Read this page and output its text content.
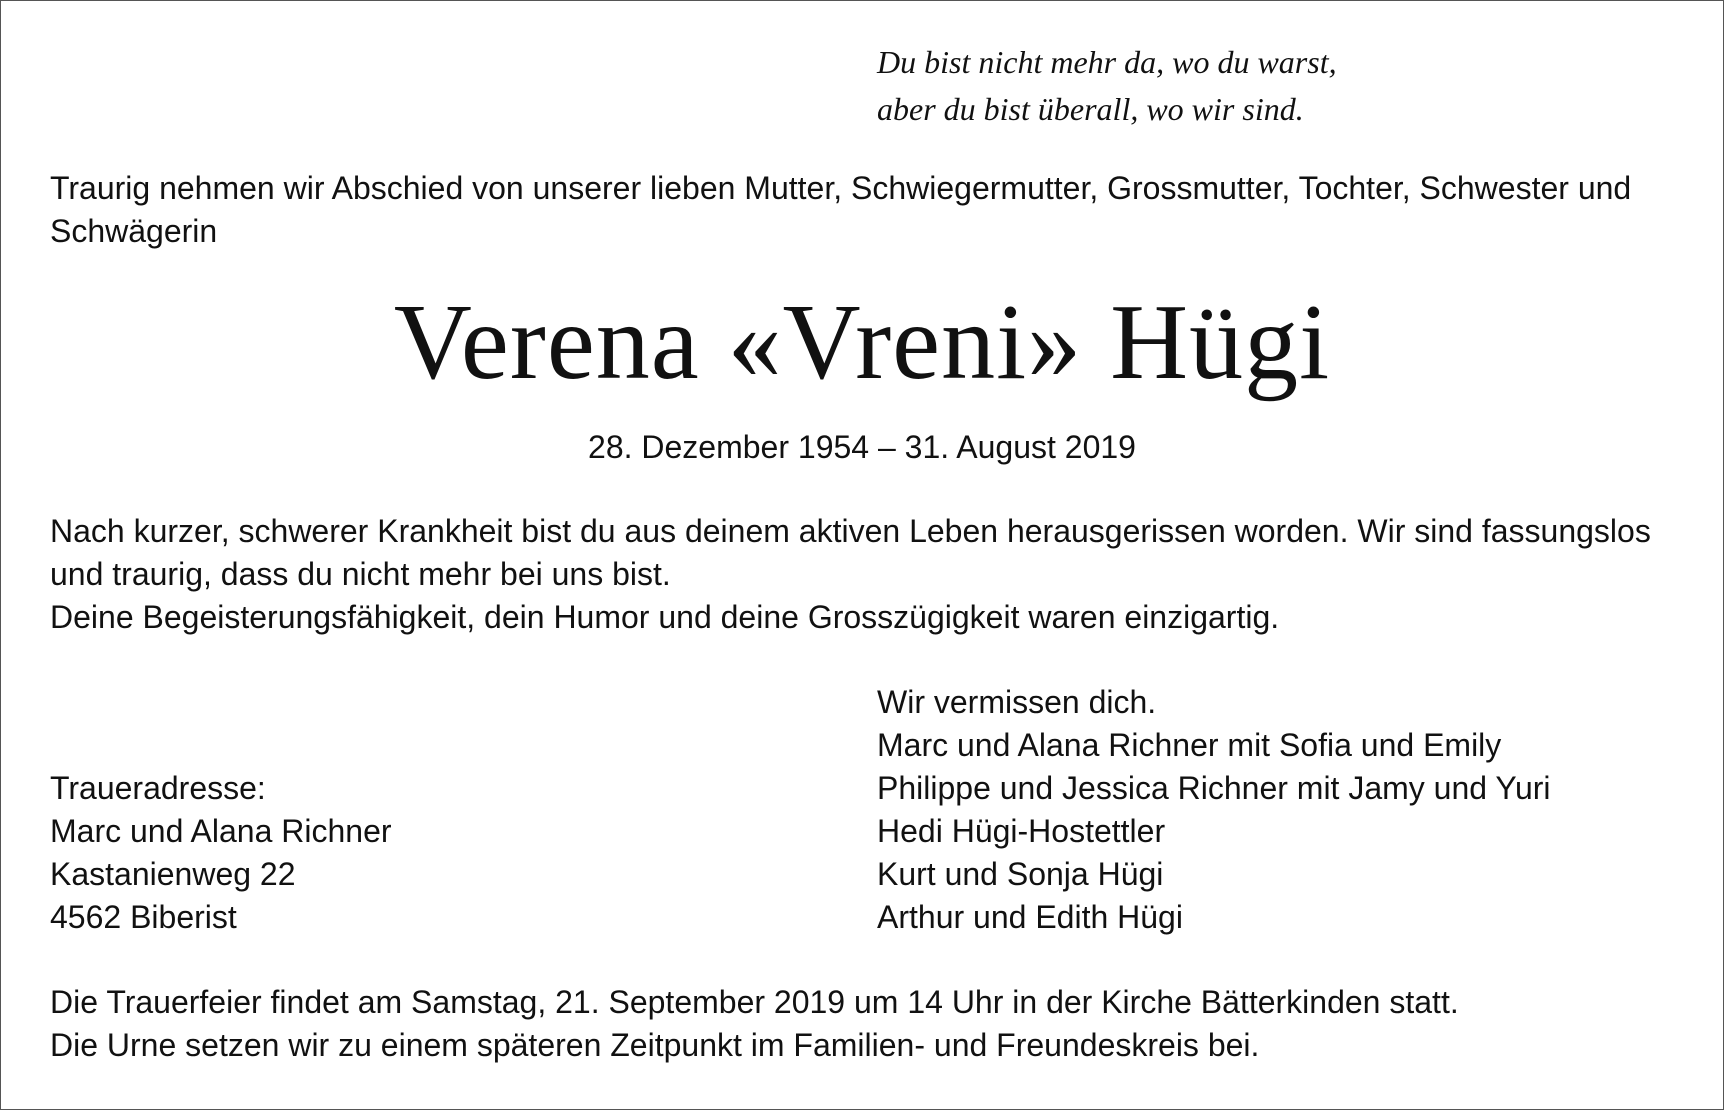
Du bist nicht mehr da, wo du warst,
aber du bist überall, wo wir sind.
Traurig nehmen wir Abschied von unserer lieben Mutter, Schwiegermutter, Grossmutter, Tochter, Schwester und
Schwägerin
Verena «Vreni» Hügi
28. Dezember 1954 – 31. August 2019
Nach kurzer, schwerer Krankheit bist du aus deinem aktiven Leben herausgerissen worden. Wir sind fassungslos
und traurig, dass du nicht mehr bei uns bist.
Deine Begeisterungsfähigkeit, dein Humor und deine Grosszügigkeit waren einzigartig.
Wir vermissen dich.
Marc und Alana Richner mit Sofia und Emily
Philippe und Jessica Richner mit Jamy und Yuri
Hedi Hügi-Hostettler
Kurt und Sonja Hügi
Arthur und Edith Hügi
Traueradresse:
Marc und Alana Richner
Kastanienweg 22
4562 Biberist
Die Trauerfeier findet am Samstag, 21. September 2019 um 14 Uhr in der Kirche Bätterkinden statt.
Die Urne setzen wir zu einem späteren Zeitpunkt im Familien- und Freundeskreis bei.
